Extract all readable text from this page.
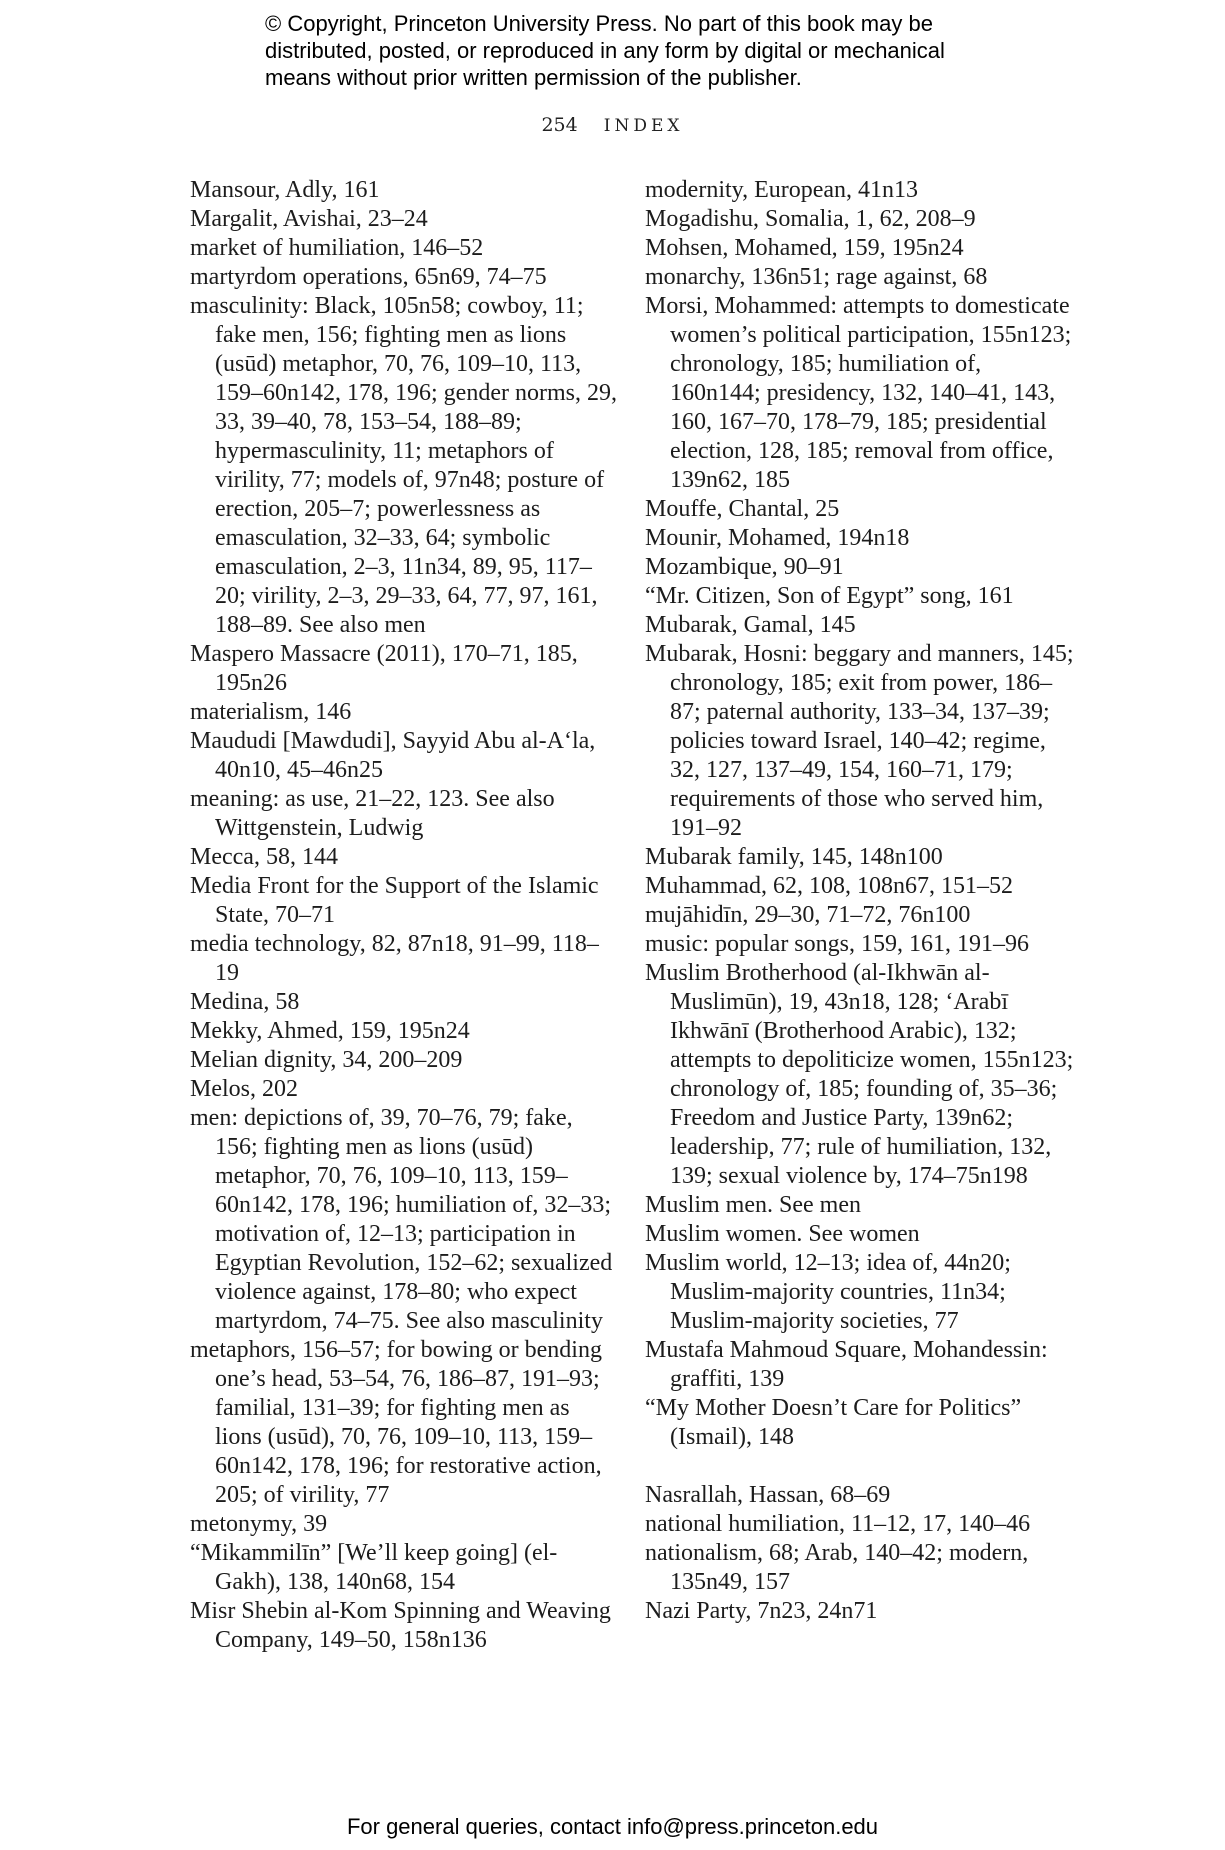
© Copyright, Princeton University Press. No part of this book may be
distributed, posted, or reproduced in any form by digital or mechanical
means without prior written permission of the publisher.
254 INDEX

Mansour, Adly, 161

Margalit, Avishai, 23–24

market of humiliation, 146–52

martyrdom operations, 65n69, 74–75

masculinity: Black, 105n58; cowboy, 11; fake men, 156; fighting men as lions (usūd) metaphor, 70, 76, 109–10, 113, 159–60n142, 178, 196; gender norms, 29, 33, 39–40, 78, 153–54, 188–89; hypermasculinity, 11; metaphors of virility, 77; models of, 97n48; posture of erection, 205–7; powerlessness as emasculation, 32–33, 64; symbolic emasculation, 2–3, 11n34, 89, 95, 117–20; virility, 2–3, 29–33, 64, 77, 97, 161, 188–89. See also men

Maspero Massacre (2011), 170–71, 185, 195n26

materialism, 146

Maududi [Mawdudi], Sayyid Abu al-A‘la, 40n10, 45–46n25

meaning: as use, 21–22, 123. See also Wittgenstein, Ludwig

Mecca, 58, 144

Media Front for the Support of the Islamic State, 70–71

media technology, 82, 87n18, 91–99, 118–19

Medina, 58

Mekky, Ahmed, 159, 195n24

Melian dignity, 34, 200–209

Melos, 202

men: depictions of, 39, 70–76, 79; fake, 156; fighting men as lions (usūd) metaphor, 70, 76, 109–10, 113, 159–60n142, 178, 196; humiliation of, 32–33; motivation of, 12–13; participation in Egyptian Revolution, 152–62; sexualized violence against, 178–80; who expect martyrdom, 74–75. See also masculinity

metaphors, 156–57; for bowing or bending one’s head, 53–54, 76, 186–87, 191–93; familial, 131–39; for fighting men as lions (usūd), 70, 76, 109–10, 113, 159–60n142, 178, 196; for restorative action, 205; of virility, 77

metonymy, 39

“Mikammilīn” [We’ll keep going] (el-Gakh), 138, 140n68, 154

Misr Shebin al-Kom Spinning and Weaving Company, 149–50, 158n136

modernity, European, 41n13

Mogadishu, Somalia, 1, 62, 208–9

Mohsen, Mohamed, 159, 195n24

monarchy, 136n51; rage against, 68

Morsi, Mohammed: attempts to domesticate women’s political participation, 155n123; chronology, 185; humiliation of, 160n144; presidency, 132, 140–41, 143, 160, 167–70, 178–79, 185; presidential election, 128, 185; removal from office, 139n62, 185

Mouffe, Chantal, 25

Mounir, Mohamed, 194n18

Mozambique, 90–91

“Mr. Citizen, Son of Egypt” song, 161

Mubarak, Gamal, 145

Mubarak, Hosni: beggary and manners, 145; chronology, 185; exit from power, 186–87; paternal authority, 133–34, 137–39; policies toward Israel, 140–42; regime, 32, 127, 137–49, 154, 160–71, 179; requirements of those who served him, 191–92

Mubarak family, 145, 148n100

Muhammad, 62, 108, 108n67, 151–52

mujāhidīn, 29–30, 71–72, 76n100

music: popular songs, 159, 161, 191–96

Muslim Brotherhood (al-Ikhwān al-Muslimūn), 19, 43n18, 128; ‘Arabī Ikhwānī (Brotherhood Arabic), 132; attempts to depoliticize women, 155n123; chronology of, 185; founding of, 35–36; Freedom and Justice Party, 139n62; leadership, 77; rule of humiliation, 132, 139; sexual violence by, 174–75n198

Muslim men. See men

Muslim women. See women

Muslim world, 12–13; idea of, 44n20; Muslim-majority countries, 11n34; Muslim-majority societies, 77

Mustafa Mahmoud Square, Mohandessin: graffiti, 139

“My Mother Doesn’t Care for Politics” (Ismail), 148

Nasrallah, Hassan, 68–69

national humiliation, 11–12, 17, 140–46

nationalism, 68; Arab, 140–42; modern, 135n49, 157

Nazi Party, 7n23, 24n71

For general queries, contact info@press.princeton.edu
